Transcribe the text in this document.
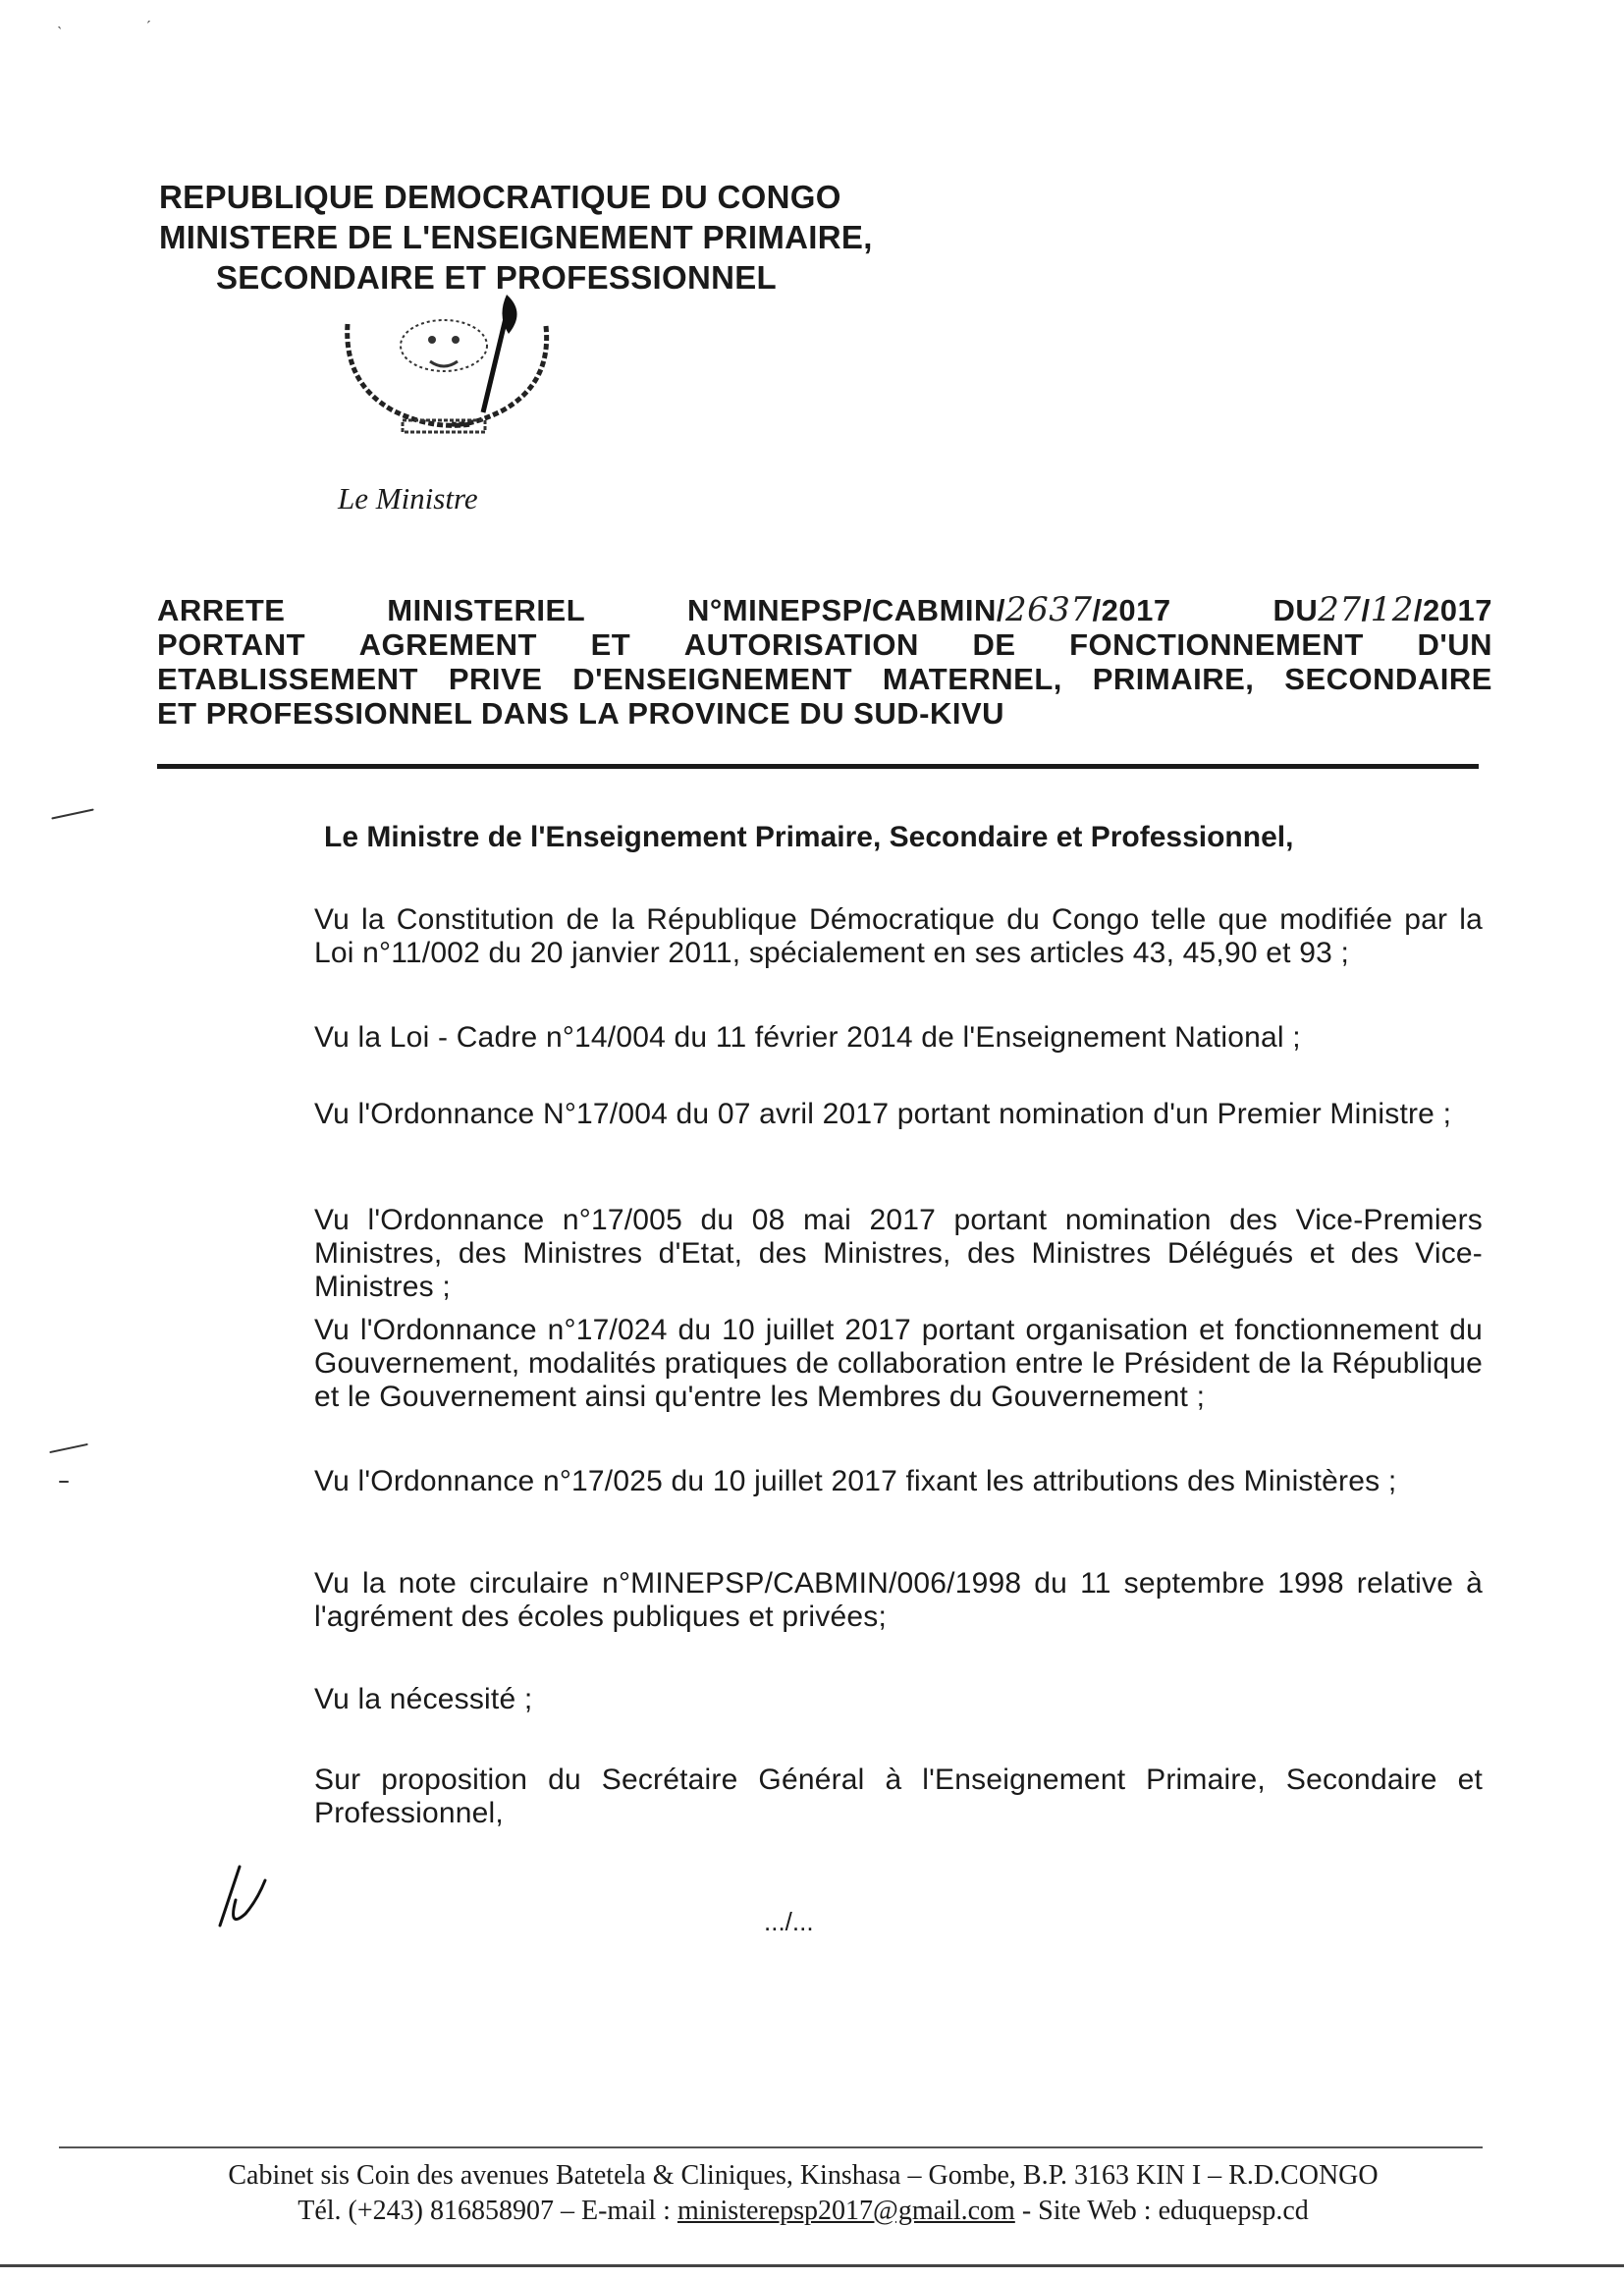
ˎ	ˏ
REPUBLIQUE DEMOCRATIQUE DU CONGO
MINISTERE DE L'ENSEIGNEMENT PRIMAIRE,
SECONDAIRE ET PROFESSIONNEL
Le Ministre
ARRETE	MINISTERIEL	N°MINEPSP/CABMIN/2637/2017	DU27/12/2017
PORTANT AGREMENT ET AUTORISATION DE FONCTIONNEMENT D'UN
ETABLISSEMENT PRIVE D'ENSEIGNEMENT MATERNEL, PRIMAIRE, SECONDAIRE
ET PROFESSIONNEL DANS LA PROVINCE DU SUD-KIVU
Le Ministre de l'Enseignement Primaire, Secondaire et Professionnel,

Vu la Constitution de la République Démocratique du Congo telle que modifiée par la Loi n°11/002 du 20 janvier 2011, spécialement en ses articles 43, 45,90 et 93 ;

Vu la Loi - Cadre n°14/004 du 11 février 2014 de l'Enseignement National ;

Vu l'Ordonnance N°17/004 du 07 avril 2017 portant nomination d'un Premier Ministre ;

Vu l'Ordonnance n°17/005 du 08 mai 2017 portant nomination des Vice-Premiers Ministres, des Ministres d'Etat, des Ministres, des Ministres Délégués et des Vice-Ministres ;

Vu l'Ordonnance n°17/024 du 10 juillet 2017 portant organisation et fonctionnement du Gouvernement, modalités pratiques de collaboration entre le Président de la République et le Gouvernement ainsi qu'entre les Membres du Gouvernement ;

Vu l'Ordonnance n°17/025 du 10 juillet 2017 fixant les attributions des Ministères ;

Vu la note circulaire n°MINEPSP/CABMIN/006/1998 du 11 septembre 1998 relative à l'agrément des écoles publiques et privées;

Vu la nécessité ;

Sur proposition du Secrétaire Général à l'Enseignement Primaire, Secondaire et Professionnel,

.../...
Cabinet sis Coin des avenues Batetela & Cliniques, Kinshasa – Gombe, B.P. 3163 KIN I – R.D.CONGO
Tél. (+243) 816858907 – E-mail : ministerepsp2017@gmail.com - Site Web : eduquepsp.cd
